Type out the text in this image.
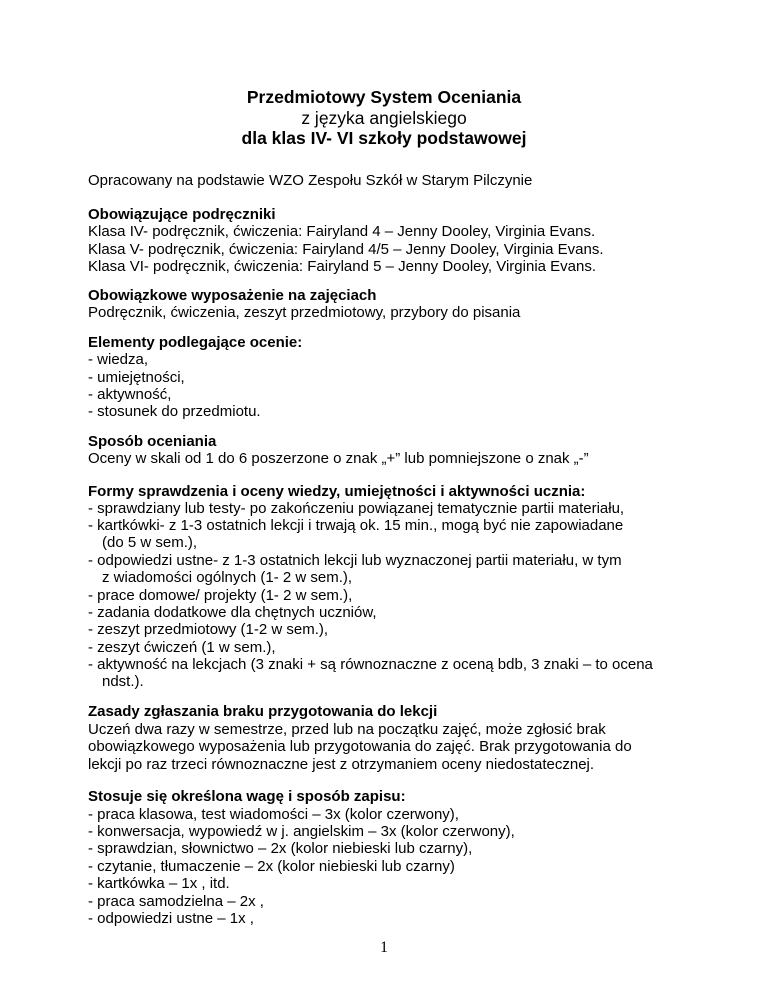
Przedmiotowy System Oceniania
z języka angielskiego
dla klas IV- VI szkoły podstawowej
Opracowany na podstawie WZO Zespołu Szkół w Starym Pilczynie
Obowiązujące podręczniki
Klasa IV- podręcznik, ćwiczenia: Fairyland 4 – Jenny Dooley, Virginia Evans.
Klasa V- podręcznik, ćwiczenia: Fairyland 4/5 – Jenny Dooley, Virginia Evans.
Klasa VI- podręcznik, ćwiczenia: Fairyland 5 – Jenny Dooley, Virginia Evans.
Obowiązkowe wyposażenie na zajęciach
Podręcznik, ćwiczenia, zeszyt przedmiotowy, przybory do pisania
Elementy podlegające ocenie:
- wiedza,
- umiejętności,
- aktywność,
- stosunek do przedmiotu.
Sposób oceniania
Oceny w skali od 1 do 6 poszerzone o znak „+” lub pomniejszone o znak „-”
Formy sprawdzenia i oceny wiedzy, umiejętności i aktywności ucznia:
- sprawdziany lub testy- po zakończeniu powiązanej tematycznie partii materiału,
- kartkówki- z 1-3 ostatnich lekcji i trwają ok. 15 min., mogą być nie zapowiadane
(do 5 w sem.),
- odpowiedzi ustne- z 1-3 ostatnich lekcji lub wyznaczonej partii materiału, w tym
z wiadomości ogólnych (1- 2 w sem.),
- prace domowe/ projekty (1- 2 w sem.),
- zadania dodatkowe dla chętnych uczniów,
- zeszyt przedmiotowy (1-2 w sem.),
- zeszyt ćwiczeń (1 w sem.),
- aktywność na lekcjach (3 znaki + są równoznaczne z oceną bdb, 3 znaki – to ocena
ndst.).
Zasady zgłaszania braku przygotowania do lekcji
Uczeń dwa razy w semestrze, przed lub na początku zajęć, może zgłosić brak
obowiązkowego wyposażenia lub przygotowania do zajęć. Brak przygotowania do
lekcji po raz trzeci równoznaczne jest z otrzymaniem oceny niedostatecznej.
Stosuje się określona wagę i sposób zapisu:
- praca klasowa, test wiadomości – 3x (kolor czerwony),
- konwersacja, wypowiedź w j. angielskim – 3x (kolor czerwony),
- sprawdzian, słownictwo – 2x (kolor niebieski lub czarny),
- czytanie, tłumaczenie – 2x (kolor niebieski lub czarny)
- kartkówka – 1x , itd.
- praca samodzielna – 2x ,
- odpowiedzi ustne – 1x ,
1
